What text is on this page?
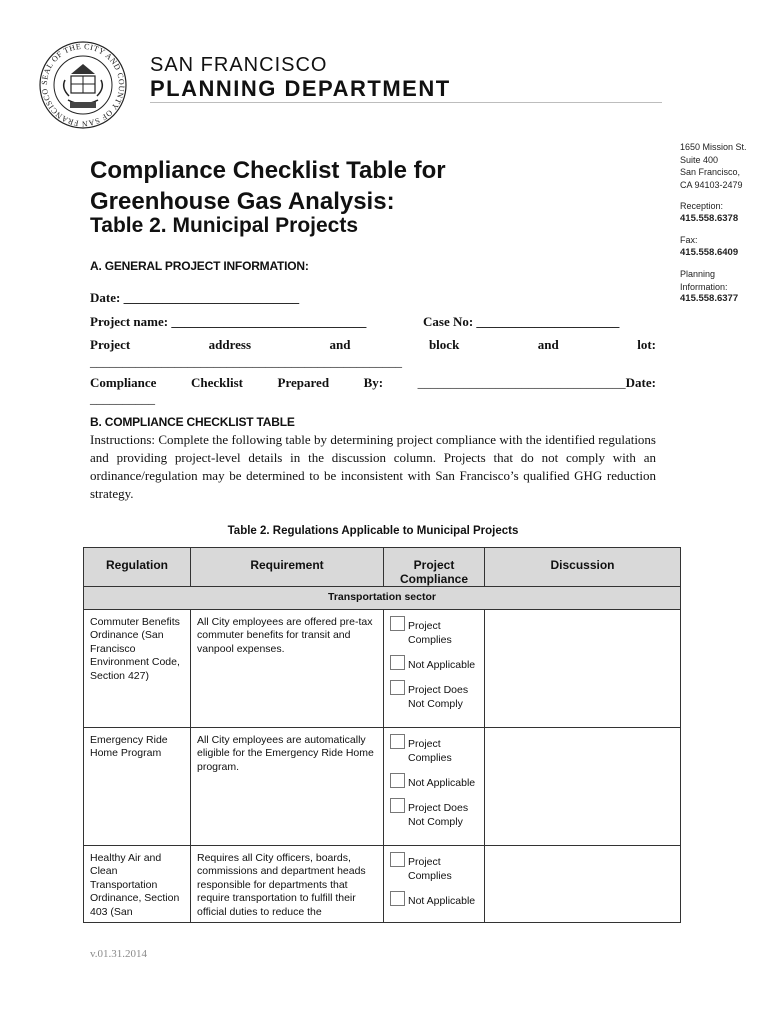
SEAL OF THE CITY AND COUNTY OF SAN FRANCISCO
SAN FRANCISCO
PLANNING DEPARTMENT
1650 Mission St.
Suite 400
San Francisco,
CA 94103-2479
Reception:
415.558.6378
Fax:
415.558.6409
Planning
Information:
415.558.6377
Compliance Checklist Table for
Greenhouse Gas Analysis:
Table 2. Municipal Projects
A. GENERAL PROJECT INFORMATION:
Date: ___________________________
Project name: ______________________________	Case No: ______________________
Project	address	and	block	and	lot:
________________________________________________
Compliance	Checklist	Prepared	By:	________________________________Date:
__________
B. COMPLIANCE CHECKLIST TABLE
Instructions: Complete the following table by determining project compliance with the identified regulations and providing project-level details in the discussion column. Projects that do not comply with an ordinance/regulation may be determined to be inconsistent with San Francisco’s qualified GHG reduction strategy.
Table 2. Regulations Applicable to Municipal Projects
Regulation	Requirement	Project Compliance	Discussion
Transportation sector			
Commuter Benefits Ordinance (San Francisco Environment Code, Section 427)	All City employees are offered pre-tax commuter benefits for transit and vanpool expenses.	Project Complies
Not Applicable
Project Does Not Comply	

Emergency Ride Home Program	All City employees are automatically eligible for the Emergency Ride Home program.	Project Complies
Not Applicable
Project Does Not Comply	

Healthy Air and Clean Transportation Ordinance, Section 403 (San	Requires all City officers, boards, commissions and department heads responsible for departments that require transportation to fulfill their official duties to reduce the	Project Complies
Not Applicable	

v.01.31.2014
